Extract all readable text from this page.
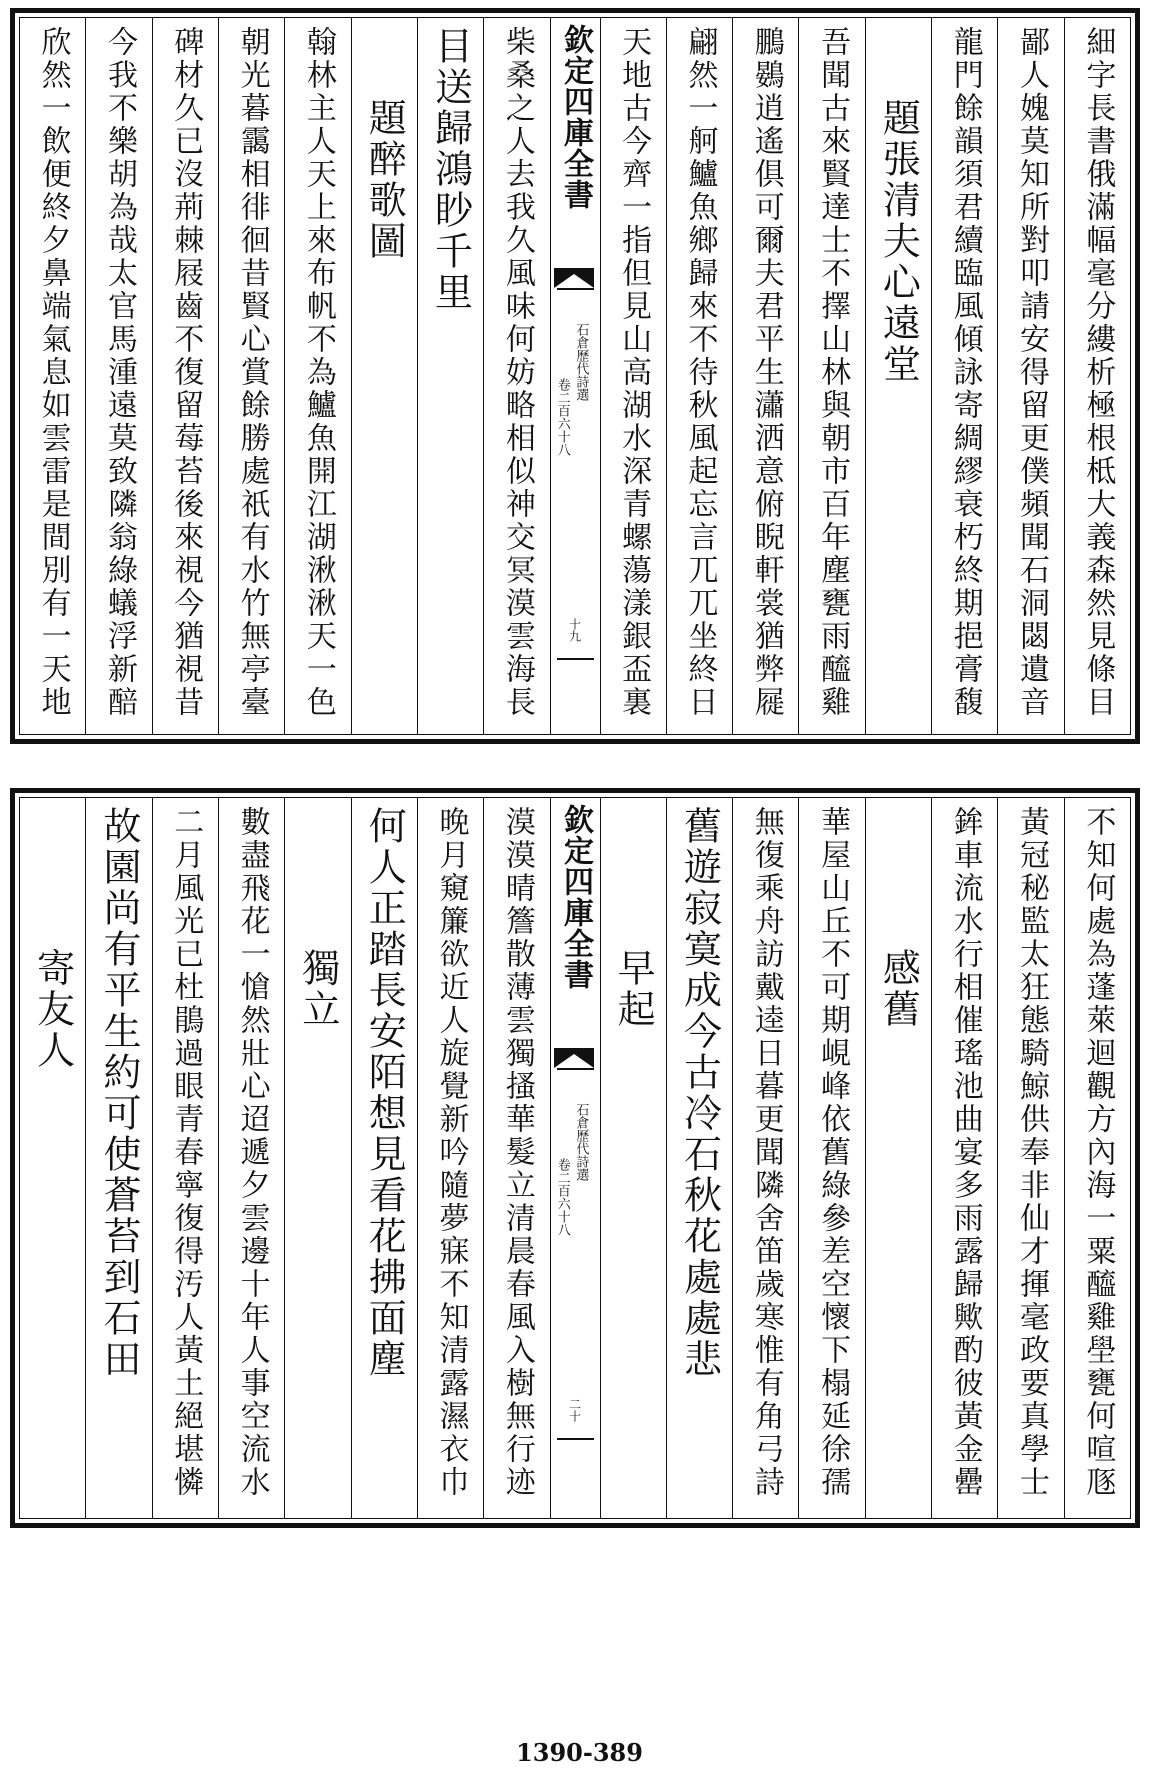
細字長書俄滿幅毫分縷析極根柢大義森然見條目
鄙人媿莫知所對叩請安得留更僕頻聞石洞閟遺音
龍門餘韻須君續臨風傾詠寄綢繆衰朽終期挹膏馥
題張清夫心遠堂
吾聞古來賢達士不擇山林與朝市百年塵甕雨醯雞
鵬鷃逍遙俱可爾夫君平生瀟洒意俯睨軒裳猶弊屣
翩然一舸鱸魚鄉歸來不待秋風起忘言兀兀坐終日
天地古今齊一指但見山高湖水深青螺蕩漾銀盃裏
欽定四庫全書
石倉歷代詩選
卷二百六十八
十九
柴桑之人去我久風味何妨略相似神交冥漠雲海長
目送歸鴻眇千里
題醉歌圖
翰林主人天上來布帆不為鱸魚開江湖湫湫天一色
朝光暮靄相徘徊昔賢心賞餘勝處祇有水竹無亭臺
碑材久已沒荊棘屐齒不復留莓苔後來視今猶視昔
今我不樂胡為哉太官馬湩遠莫致隣翁綠蟻浮新醅
欣然一飲便終夕鼻端氣息如雲雷是間別有一天地
不知何處為蓬萊迴觀方內海一粟醯雞壆甕何喧豗
黃冠秘監太狂態騎鯨供奉非仙才揮毫政要真學士
鉾車流水行相催瑤池曲宴多雨露歸歟酌彼黃金罍
感舊
華屋山丘不可期峴峰依舊綠參差空懷下榻延徐孺
無復乘舟訪戴逵日暮更聞隣舍笛歲寒惟有角弓詩
舊遊寂寞成今古冷石秋花處處悲
早起
欽定四庫全書
石倉歷代詩選
卷二百六十八
二十
漠漠晴簷散薄雲獨搔華髮立清晨春風入樹無行迹
晚月窺簾欲近人旋覺新吟隨夢寐不知清露濕衣巾
何人正踏長安陌想見看花拂面塵
獨立
數盡飛花一愴然壯心迢遞夕雲邊十年人事空流水
二月風光已杜鵑過眼青春寧復得汚人黃土絕堪憐
故園尚有平生約可使蒼苔到石田
寄友人
1390-389
